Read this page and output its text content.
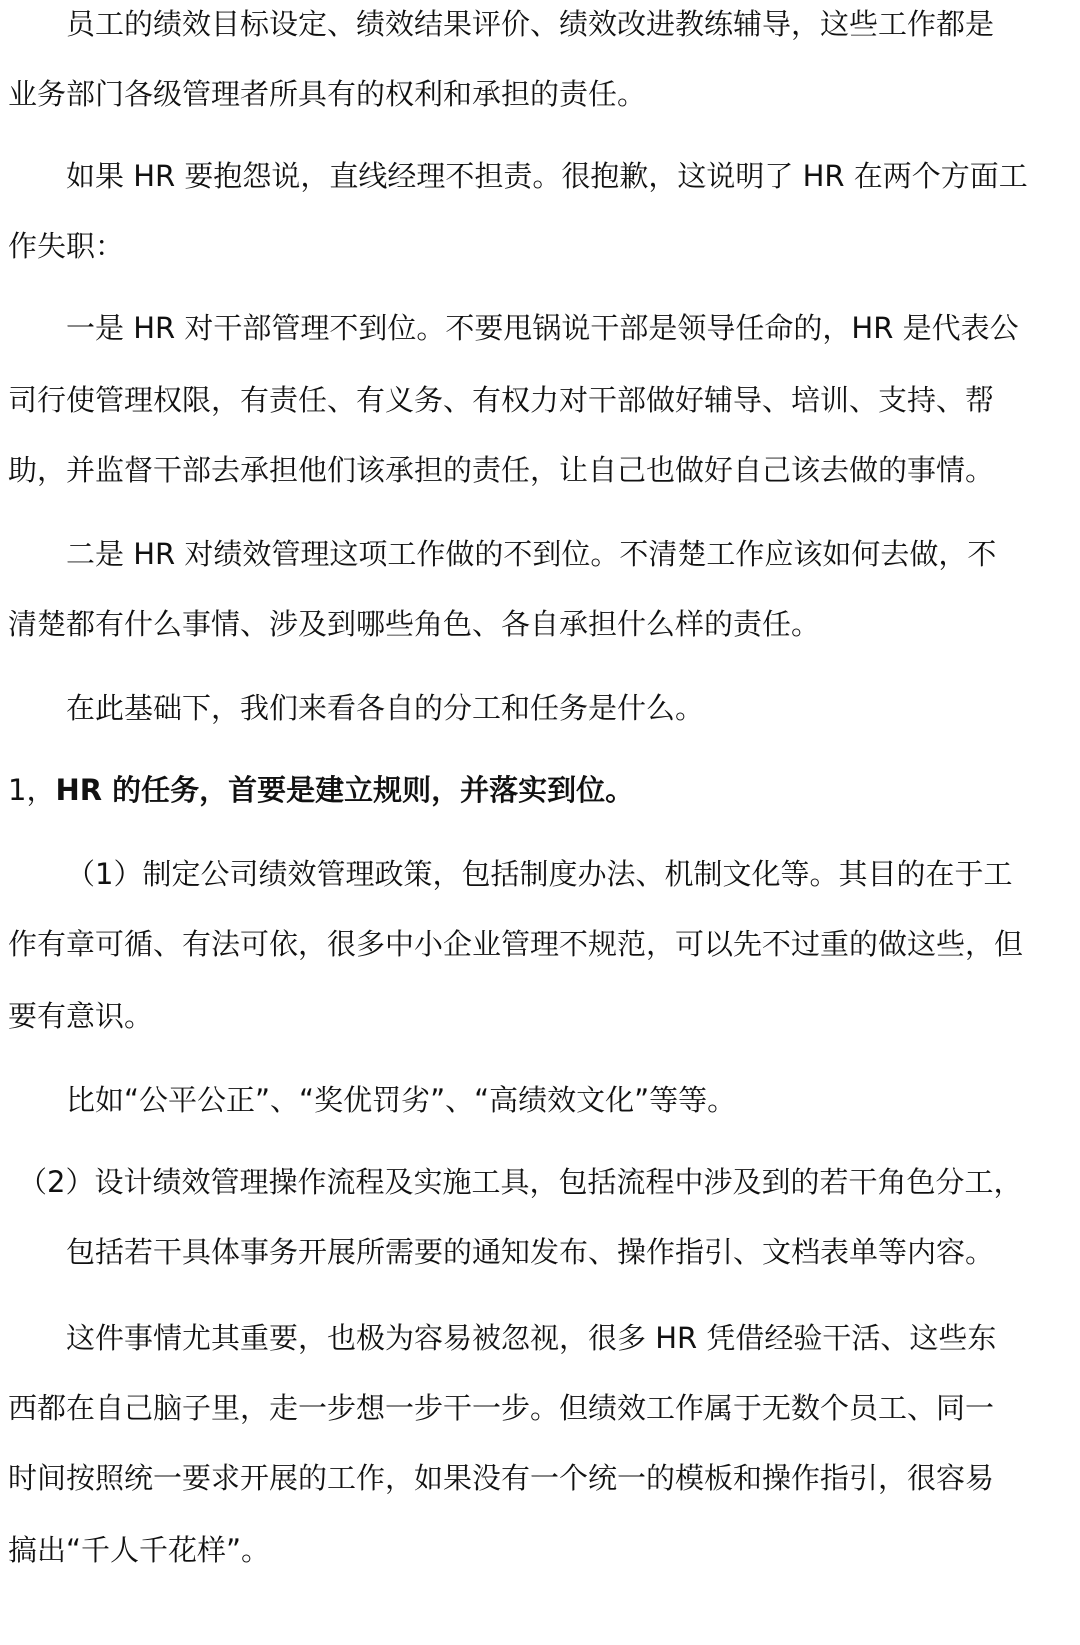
员工的绩效目标设定、绩效结果评价、绩效改进教练辅导，这些工作都是
业务部门各级管理者所具有的权利和承担的责任。
如果 HR 要抱怨说，直线经理不担责。很抱歉，这说明了 HR 在两个方面工
作失职：
一是 HR 对干部管理不到位。不要甩锅说干部是领导任命的，HR 是代表公
司行使管理权限，有责任、有义务、有权力对干部做好辅导、培训、支持、帮
助，并监督干部去承担他们该承担的责任，让自己也做好自己该去做的事情。
二是 HR 对绩效管理这项工作做的不到位。不清楚工作应该如何去做，不
清楚都有什么事情、涉及到哪些角色、各自承担什么样的责任。
在此基础下，我们来看各自的分工和任务是什么。
1，HR 的任务，首要是建立规则，并落实到位。
（1）制定公司绩效管理政策，包括制度办法、机制文化等。其目的在于工
作有章可循、有法可依，很多中小企业管理不规范，可以先不过重的做这些，但
要有意识。
比如“公平公正”、“奖优罚劣”、“高绩效文化”等等。
（2）设计绩效管理操作流程及实施工具，包括流程中涉及到的若干角色分工，
包括若干具体事务开展所需要的通知发布、操作指引、文档表单等内容。
这件事情尤其重要，也极为容易被忽视，很多 HR 凭借经验干活、这些东
西都在自己脑子里，走一步想一步干一步。但绩效工作属于无数个员工、同一
时间按照统一要求开展的工作，如果没有一个统一的模板和操作指引，很容易
搞出“千人千花样”。
